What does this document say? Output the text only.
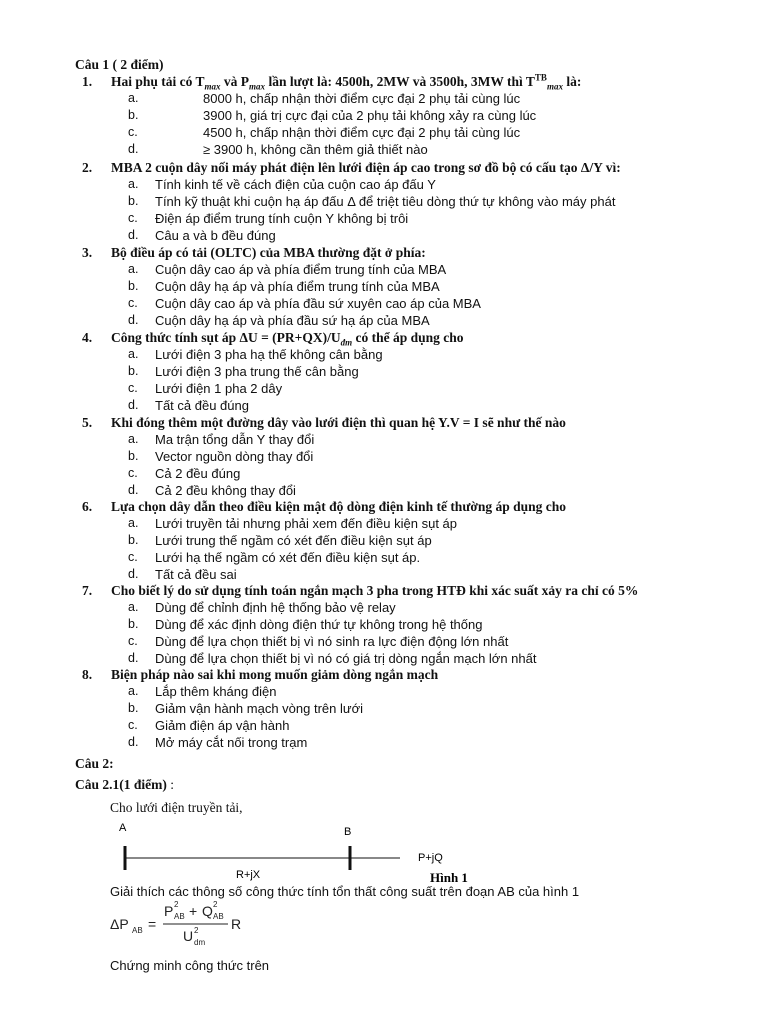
Câu 1 ( 2 điểm)
1. Hai phụ tải có $T_{max}$ và $P_{max}$ lần lượt là: 4500h, 2MW và 3500h, 3MW thì $T^{TB}_{max}$ là:
a.	8000 h, chấp nhận thời điểm cực đại 2 phụ tải cùng lúc
b.	3900 h, giá trị cực đại của 2 phụ tải không xảy ra cùng lúc
c.	4500 h, chấp nhận thời điểm cực đại 2 phụ tải cùng lúc
d.	≥ 3900 h, không cần thêm giả thiết nào
2. MBA 2 cuộn dây nối máy phát điện lên lưới điện áp cao trong sơ đồ bộ có cấu tạo Δ/Y vì:
a. Tính kinh tế về cách điện của cuộn cao áp đấu Y
b. Tính kỹ thuật khi cuộn hạ áp đấu Δ để triệt tiêu dòng thứ tự không vào máy phát
c. Điện áp điểm trung tính cuộn Y không bị trôi
d. Câu a và b đều đúng
3. Bộ điều áp có tải (OLTC) của MBA thường đặt ở phía:
a. Cuộn dây cao áp và phía điểm trung tính của MBA
b. Cuộn dây hạ áp và phía điểm trung tính của MBA
c. Cuộn dây cao áp và phía đầu sứ xuyên cao áp của MBA
d. Cuộn dây hạ áp và phía đầu sứ hạ áp của MBA
4. Công thức tính sụt áp $\Delta U = (PR+QX)/U_{đm}$ có thể áp dụng cho
a. Lưới điện 3 pha hạ thế không cân bằng
b. Lưới điện 3 pha trung thế cân bằng
c. Lưới điện 1 pha 2 dây
d. Tất cả đều đúng
5. Khi đóng thêm một đường dây vào lưới điện thì quan hệ Y.V = I sẽ như thế nào
a. Ma trận tổng dẫn Y thay đổi
b. Vector nguồn dòng thay đổi
c. Cả 2 đều đúng
d. Cả 2 đều không thay đổi
6. Lựa chọn dây dẫn theo điều kiện mật độ dòng điện kinh tế thường áp dụng cho
a. Lưới truyền tải nhưng phải xem đến điều kiện sụt áp
b. Lưới trung thế ngầm có xét đến điều kiện sụt áp
c. Lưới hạ thế ngầm có xét đến điều kiện sụt áp.
d. Tất cả đều sai
7. Cho biết lý do sử dụng tính toán ngắn mạch 3 pha trong HTĐ khi xác suất xảy ra chỉ có 5%
a. Dùng để chỉnh định hệ thống bảo vệ relay
b. Dùng để xác định dòng điện thứ tự không trong hệ thống
c. Dùng để lựa chọn thiết bị vì nó sinh ra lực điện động lớn nhất
d. Dùng để lựa chọn thiết bị vì nó có giá trị dòng ngắn mạch lớn nhất
8. Biện pháp nào sai khi mong muốn giảm dòng ngắn mạch
a. Lắp thêm kháng điện
b. Giảm vận hành mạch vòng trên lưới
c. Giảm điện áp vận hành
d. Mở máy cắt nối trong trạm
Câu 2:
Câu 2.1(1 điểm) :
Cho lưới điện truyền tải,
A	B
P+jQ
R+jX	Hình 1
Giải thích các thông số công thức tính tổn thất công suất trên đoạn AB của hình 1
ΔP AB =
P 2
AB + Q 2
AB
U 2
dm
R
Chứng minh công thức trên
